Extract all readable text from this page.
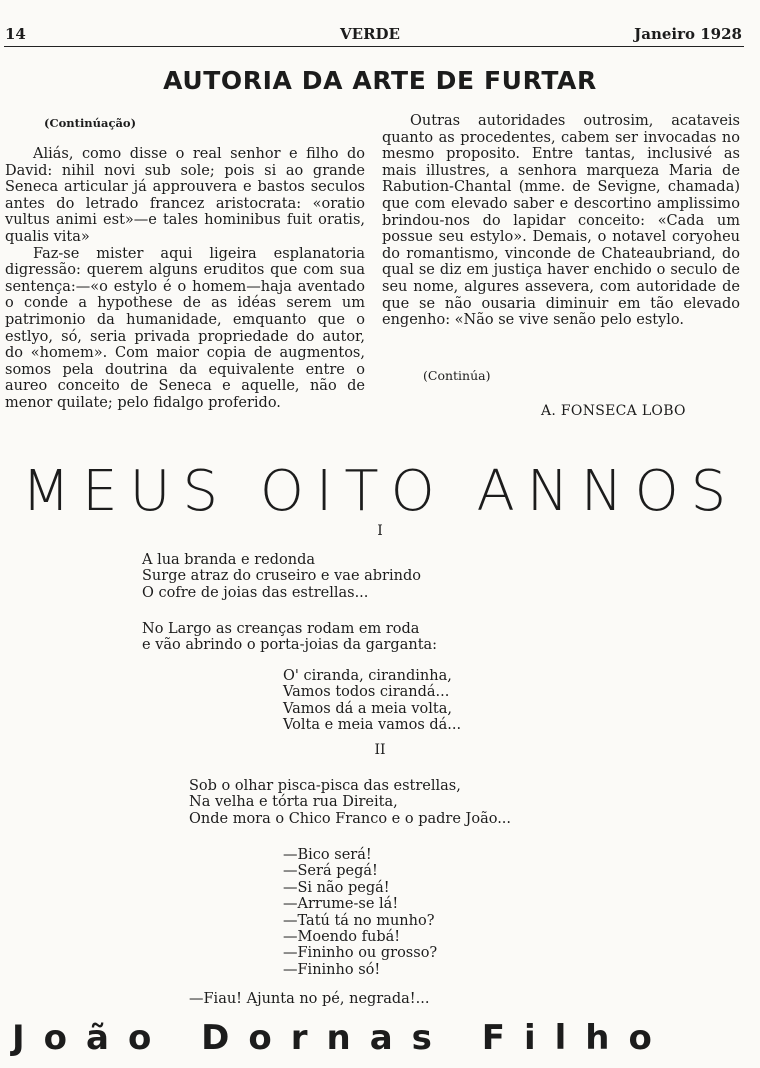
14	VERDE	Janeiro 1928
AUTORIA DA ARTE DE FURTAR
(Continúação)

Aliás, como disse o real senhor e filho do David: nihil novi sub sole; pois si ao grande Seneca articular já approuvera e bastos seculos antes do letrado francez aristocrata: «oratio vultus animi est»—e tales hominibus fuit oratis, qualis vita»

Faz-se mister aqui ligeira esplanatoria digressão: querem alguns eruditos que com sua sentença:—«o estylo é o homem—haja aventado o conde a hypothese de as idéas serem um patrimonio da humanidade, emquanto que o estlyo, só, seria privada propriedade do autor, do «homem». Com maior copia de augmentos, somos pela doutrina da equivalente entre o aureo conceito de Seneca e aquelle, não de menor quilate; pelo fidalgo proferido.

Outras autoridades outrosim, acataveis quanto as procedentes, cabem ser invocadas no mesmo proposito. Entre tantas, inclusivé as mais illustres, a senhora marqueza Maria de Rabution-Chantal (mme. de Sevigne, chamada) que com elevado saber e descortino amplissimo brindou-nos do lapidar conceito: «Cada um possue seu estylo». Demais, o notavel coryoheu do romantismo, vinconde de Chateaubriand, do qual se diz em justiça haver enchido o seculo de seu nome, algures assevera, com autoridade de que se não ousaria diminuir em tão elevado engenho: «Não se vive senão pelo estylo.

(Continúa)
A. FONSECA LOBO
MEUS OITO ANNOS
I
A lua branda e redonda
Surge atraz do cruseiro e vae abrindo
O cofre de joias das estrellas...
No Largo as creanças rodam em roda
e vão abrindo o porta-joias da garganta:
O' ciranda, cirandinha,
Vamos todos cirandá...
Vamos dá a meia volta,
Volta e meia vamos dá...
II
Sob o olhar pisca-pisca das estrellas,
Na velha e tórta rua Direita,
Onde mora o Chico Franco e o padre João...
—Bico será!
—Será pegá!
—Si não pegá!
—Arrume-se lá!
—Tatú tá no munho?
—Moendo fubá!
—Fininho ou grosso?
—Fininho só!
—Fiau! Ajunta no pé, negrada!...
João Dornas Filho
